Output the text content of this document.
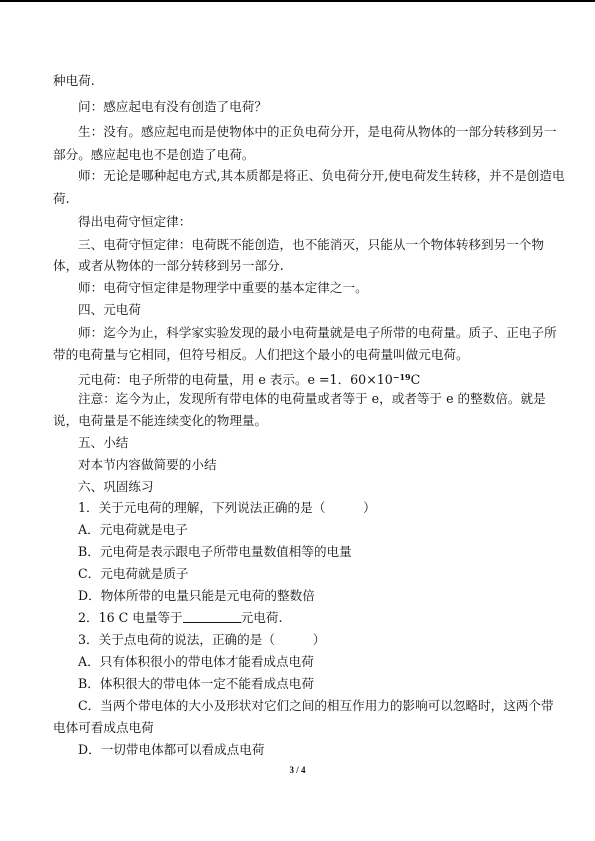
种电荷.
问：感应起电有没有创造了电荷？
生：没有。感应起电而是使物体中的正负电荷分开，是电荷从物体的一部分转移到另一
部分。感应起电也不是创造了电荷。
师：无论是哪种起电方式,其本质都是将正、负电荷分开,使电荷发生转移，并不是创造电
荷.
得出电荷守恒定律：
三、电荷守恒定律：电荷既不能创造，也不能消灭，只能从一个物体转移到另一个物
体，或者从物体的一部分转移到另一部分.
师：电荷守恒定律是物理学中重要的基本定律之一。
四、元电荷
师：迄今为止，科学家实验发现的最小电荷量就是电子所带的电荷量。质子、正电子所
带的电荷量与它相同，但符号相反。人们把这个最小的电荷量叫做元电荷。
元电荷：电子所带的电荷量，用 e 表示。e =1．$60\times 10^{-19}C$
注意：迄今为止，发现所有带电体的电荷量或者等于 e，或者等于 e 的整数倍。就是
说，电荷量是不能连续变化的物理量。
五、小结
对本节内容做简要的小结
六、巩固练习
1．关于元电荷的理解，下列说法正确的是（　　　）
A．元电荷就是电子
B．元电荷是表示跟电子所带电量数值相等的电量
C．元电荷就是质子
D．物体所带的电量只能是元电荷的整数倍
2．16 C 电量等于	元电荷.
3．关于点电荷的说法，正确的是（　　　）
A．只有体积很小的带电体才能看成点电荷
B．体积很大的带电体一定不能看成点电荷
C．当两个带电体的大小及形状对它们之间的相互作用力的影响可以忽略时，这两个带
电体可看成点电荷
D．一切带电体都可以看成点电荷
3 / 4
